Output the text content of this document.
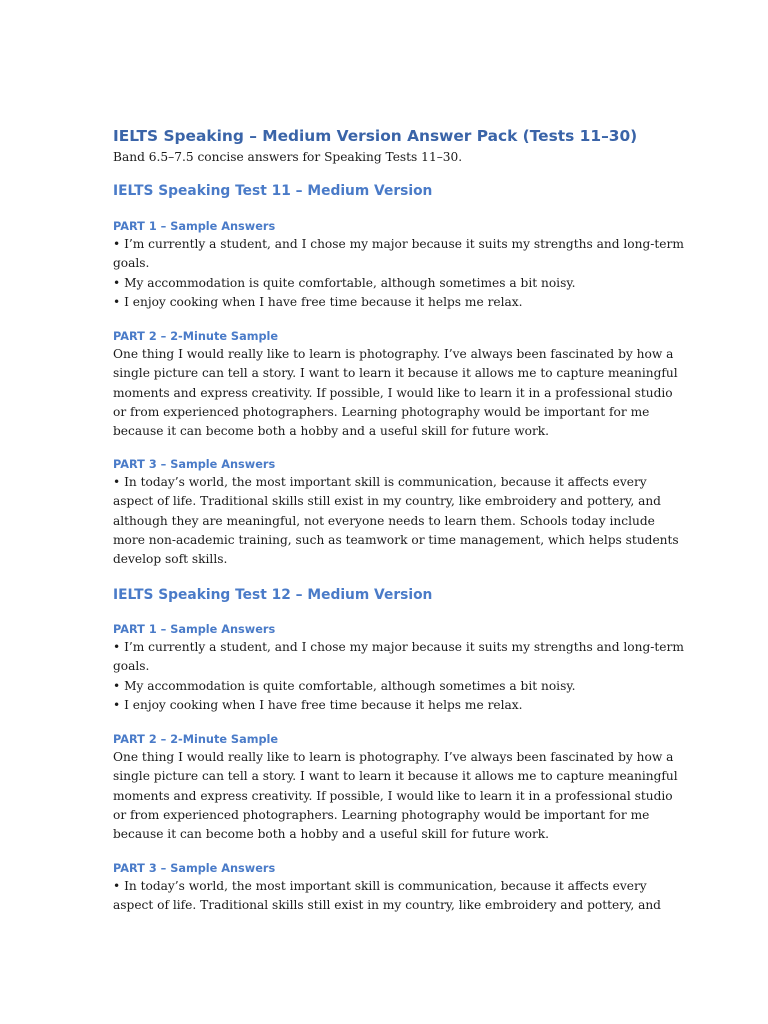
IELTS Speaking – Medium Version Answer Pack (Tests 11–30)

Band 6.5–7.5 concise answers for Speaking Tests 11–30.

IELTS Speaking Test 11 – Medium Version

PART 1 – Sample Answers

• I’m currently a student, and I chose my major because it suits my strengths and long-term

goals.

• My accommodation is quite comfortable, although sometimes a bit noisy.

• I enjoy cooking when I have free time because it helps me relax.

PART 2 – 2-Minute Sample

One thing I would really like to learn is photography. I’ve always been fascinated by how a

single picture can tell a story. I want to learn it because it allows me to capture meaningful

moments and express creativity. If possible, I would like to learn it in a professional studio

or from experienced photographers. Learning photography would be important for me

because it can become both a hobby and a useful skill for future work.

PART 3 – Sample Answers

• In today’s world, the most important skill is communication, because it affects every

aspect of life. Traditional skills still exist in my country, like embroidery and pottery, and

although they are meaningful, not everyone needs to learn them. Schools today include

more non-academic training, such as teamwork or time management, which helps students

develop soft skills.

IELTS Speaking Test 12 – Medium Version

PART 1 – Sample Answers

• I’m currently a student, and I chose my major because it suits my strengths and long-term

goals.

• My accommodation is quite comfortable, although sometimes a bit noisy.

• I enjoy cooking when I have free time because it helps me relax.

PART 2 – 2-Minute Sample

One thing I would really like to learn is photography. I’ve always been fascinated by how a

single picture can tell a story. I want to learn it because it allows me to capture meaningful

moments and express creativity. If possible, I would like to learn it in a professional studio

or from experienced photographers. Learning photography would be important for me

because it can become both a hobby and a useful skill for future work.

PART 3 – Sample Answers

• In today’s world, the most important skill is communication, because it affects every

aspect of life. Traditional skills still exist in my country, like embroidery and pottery, and
